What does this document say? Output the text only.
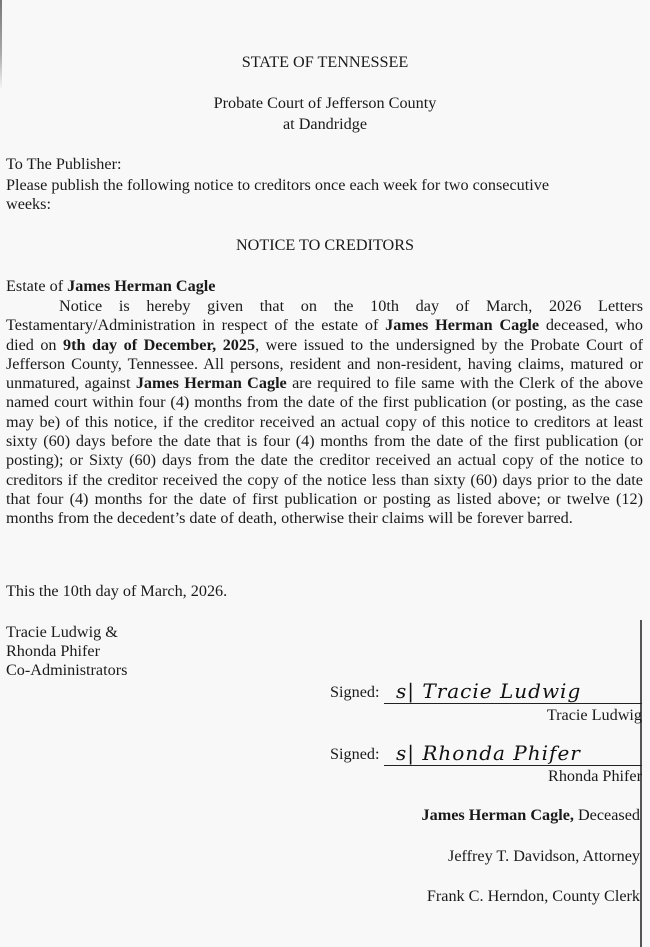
STATE OF TENNESSEE
Probate Court of Jefferson County
at Dandridge
To The Publisher:
Please publish the following notice to creditors once each week for two consecutive
weeks:
NOTICE TO CREDITORS
Estate of James Herman Cagle

Notice is hereby given that on the 10th day of March, 2026 Letters Testamentary/Administration in respect of the estate of James Herman Cagle deceased, who died on 9th day of December, 2025, were issued to the undersigned by the Probate Court of Jefferson County, Tennessee. All persons, resident and non-resident, having claims, matured or unmatured, against James Herman Cagle are required to file same with the Clerk of the above named court within four (4) months from the date of the first publication (or posting, as the case may be) of this notice, if the creditor received an actual copy of this notice to creditors at least sixty (60) days before the date that is four (4) months from the date of the first publication (or posting); or Sixty (60) days from the date the creditor received an actual copy of the notice to creditors if the creditor received the copy of the notice less than sixty (60) days prior to the date that four (4) months for the date of first publication or posting as listed above; or twelve (12) months from the decedent’s date of death, otherwise their claims will be forever barred.

This the 10th day of March, 2026.
Tracie Ludwig &
Rhonda Phifer
Co-Administrators
Signed: s| Tracie Ludwig
Tracie Ludwig
Signed: s| Rhonda Phifer
Rhonda Phifer
James Herman Cagle, Deceased
Jeffrey T. Davidson, Attorney
Frank C. Herndon, County Clerk
